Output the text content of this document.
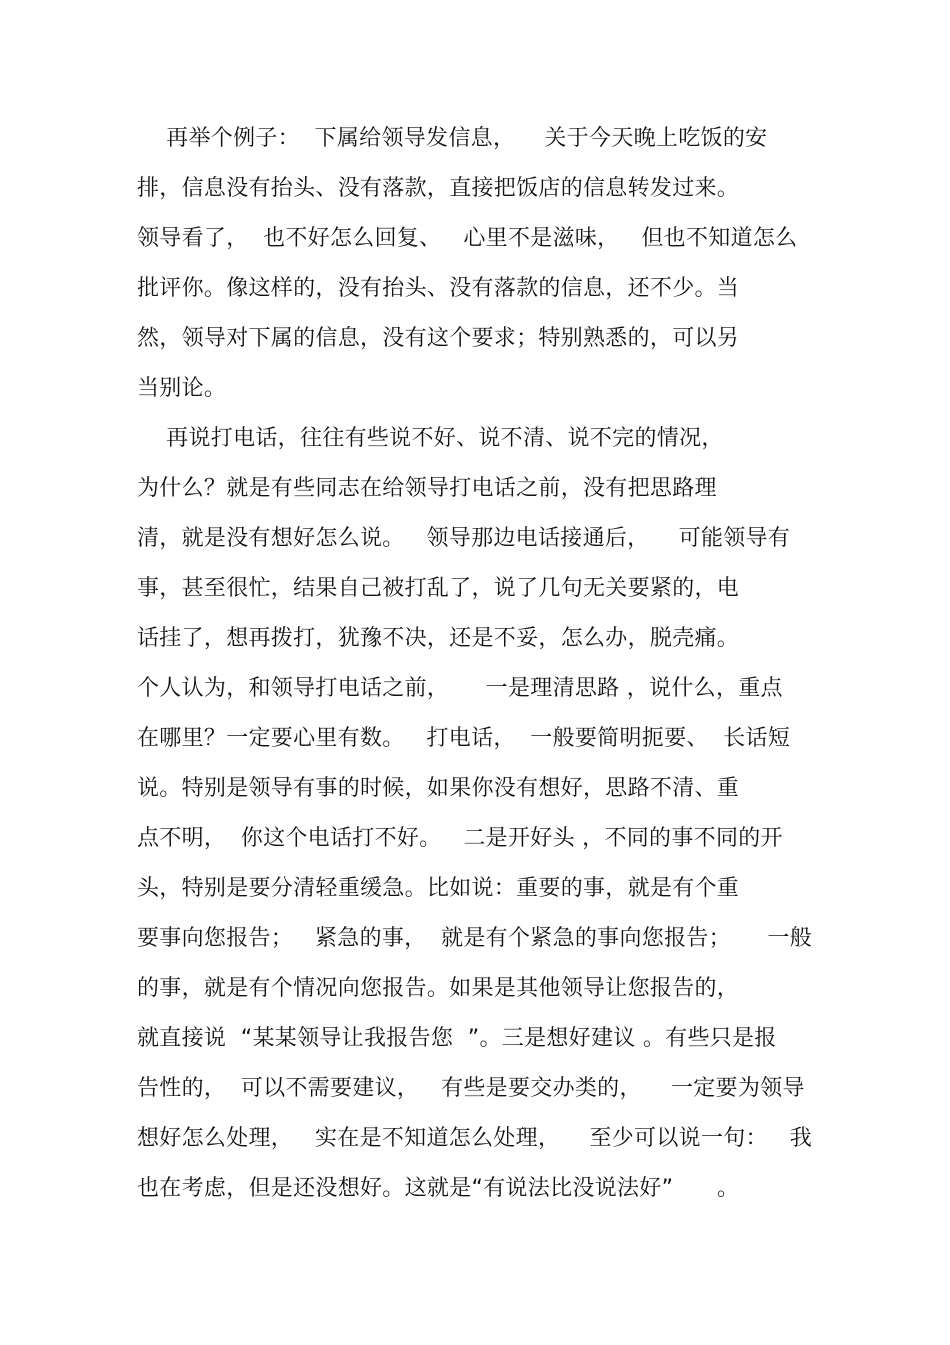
再举个例子：  下属给领导发信息，    关于今天晚上吃饭的安
排，信息没有抬头、没有落款，直接把饭店的信息转发过来。
领导看了，  也不好怎么回复、   心里不是滋味，   但也不知道怎么
批评你。像这样的，没有抬头、没有落款的信息，还不少。当
然，领导对下属的信息，没有这个要求；特别熟悉的，可以另
当别论。
再说打电话，往往有些说不好、说不清、说不完的情况，
为什么？就是有些同志在给领导打电话之前，没有把思路理
清，就是没有想好怎么说。   领导那边电话接通后，    可能领导有
事，甚至很忙，结果自己被打乱了，说了几句无关要紧的，电
话挂了，想再拨打，犹豫不决，还是不妥，怎么办，脱壳痛。
个人认为，和领导打电话之前，     一是理清思路 ，说什么，重点
在哪里？一定要心里有数。   打电话，  一般要简明扼要、  长话短
说。特别是领导有事的时候，如果你没有想好，思路不清、重
点不明，  你这个电话打不好。   二是开好头 ，不同的事不同的开
头，特别是要分清轻重缓急。比如说：重要的事，就是有个重
要事向您报告；   紧急的事，  就是有个紧急的事向您报告；     一般
的事，就是有个情况向您报告。如果是其他领导让您报告的，
就直接说  “某某领导让我报告您  ”。三是想好建议 。有些只是报
告性的，  可以不需要建议，   有些是要交办类的，    一定要为领导
想好怎么处理，   实在是不知道怎么处理，    至少可以说一句：   我
也在考虑，但是还没想好。这就是“有说法比没说法好”      。
